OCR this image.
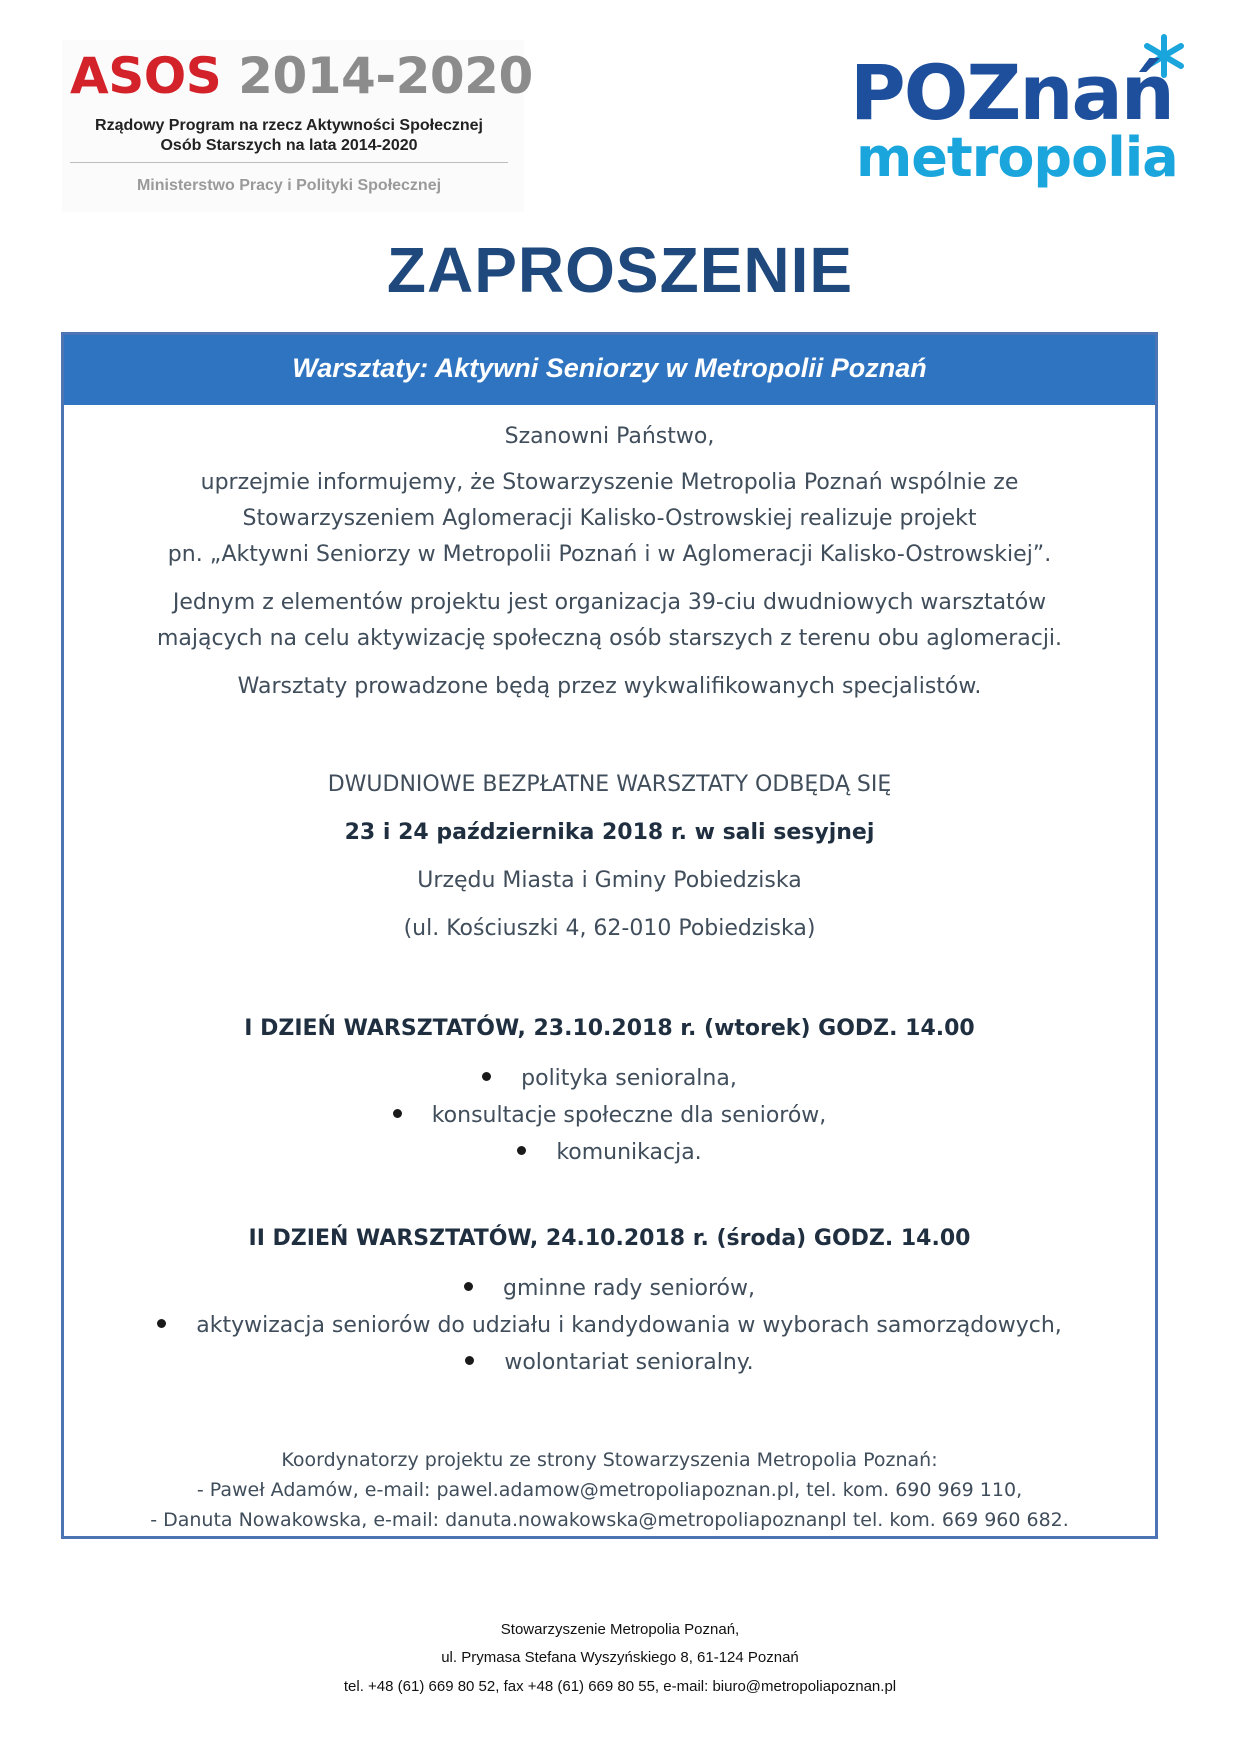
ASOS 2014-2020
Rządowy Program na rzecz Aktywności Społecznej
Osób Starszych na lata 2014-2020
Ministerstwo Pracy i Polityki Społecznej
POZnań
metropolia
ZAPROSZENIE
Warsztaty: Aktywni Seniorzy w Metropolii Poznań
Szanowni Państwo,
uprzejmie informujemy, że Stowarzyszenie Metropolia Poznań wspólnie ze
Stowarzyszeniem Aglomeracji Kalisko-Ostrowskiej realizuje projekt
pn. „Aktywni Seniorzy w Metropolii Poznań i w Aglomeracji Kalisko-Ostrowskiej”.
Jednym z elementów projektu jest organizacja 39-ciu dwudniowych warsztatów
mających na celu aktywizację społeczną osób starszych z terenu obu aglomeracji.
Warsztaty prowadzone będą przez wykwalifikowanych specjalistów.
DWUDNIOWE BEZPŁATNE WARSZTATY ODBĘDĄ SIĘ
23 i 24 października 2018 r. w sali sesyjnej
Urzędu Miasta i Gminy Pobiedziska
(ul. Kościuszki 4, 62-010 Pobiedziska)
I DZIEŃ WARSZTATÓW, 23.10.2018 r. (wtorek) GODZ. 14.00
polityka senioralna,
konsultacje społeczne dla seniorów,
komunikacja.
II DZIEŃ WARSZTATÓW, 24.10.2018 r. (środa) GODZ. 14.00
gminne rady seniorów,
aktywizacja seniorów do udziału i kandydowania w wyborach samorządowych,
wolontariat senioralny.
Koordynatorzy projektu ze strony Stowarzyszenia Metropolia Poznań:
- Paweł Adamów, e-mail: pawel.adamow@metropoliapoznan.pl, tel. kom. 690 969 110,
- Danuta Nowakowska, e-mail: danuta.nowakowska@metropoliapoznanpl tel. kom. 669 960 682.
Stowarzyszenie Metropolia Poznań,
ul. Prymasa Stefana Wyszyńskiego 8, 61-124 Poznań
tel. +48 (61) 669 80 52, fax +48 (61) 669 80 55, e-mail: biuro@metropoliapoznan.pl
